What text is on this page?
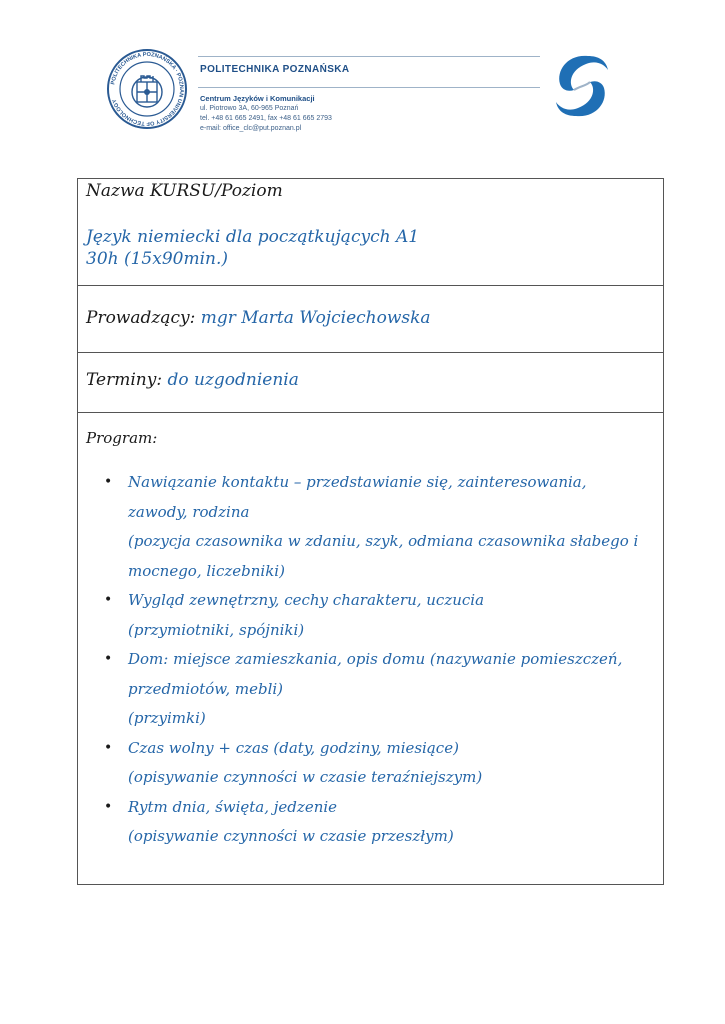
POLITECHNIKA POZNAŃSKA · POZNAN UNIVERSITY OF TECHNOLOGY
POLITECHNIKA POZNAŃSKA
Centrum Języków i Komunikacji
ul. Piotrowo 3A, 60-965 Poznań
tel. +48 61 665 2491, fax +48 61 665 2793
e-mail: office_clc@put.poznan.pl
Nazwa KURSU/Poziom
Język niemiecki dla początkujących A1
30h (15x90min.)
Prowadzący: mgr Marta Wojciechowska
Terminy: do uzgodnienia
Program:
• Nawiązanie kontaktu – przedstawianie się, zainteresowania,
zawody, rodzina
(pozycja czasownika w zdaniu, szyk, odmiana czasownika słabego i
mocnego, liczebniki)
• Wygląd zewnętrzny, cechy charakteru, uczucia
(przymiotniki, spójniki)
• Dom: miejsce zamieszkania, opis domu (nazywanie pomieszczeń,
przedmiotów, mebli)
(przyimki)
• Czas wolny + czas (daty, godziny, miesiące)
(opisywanie czynności w czasie teraźniejszym)
• Rytm dnia, święta, jedzenie
(opisywanie czynności w czasie przeszłym)
